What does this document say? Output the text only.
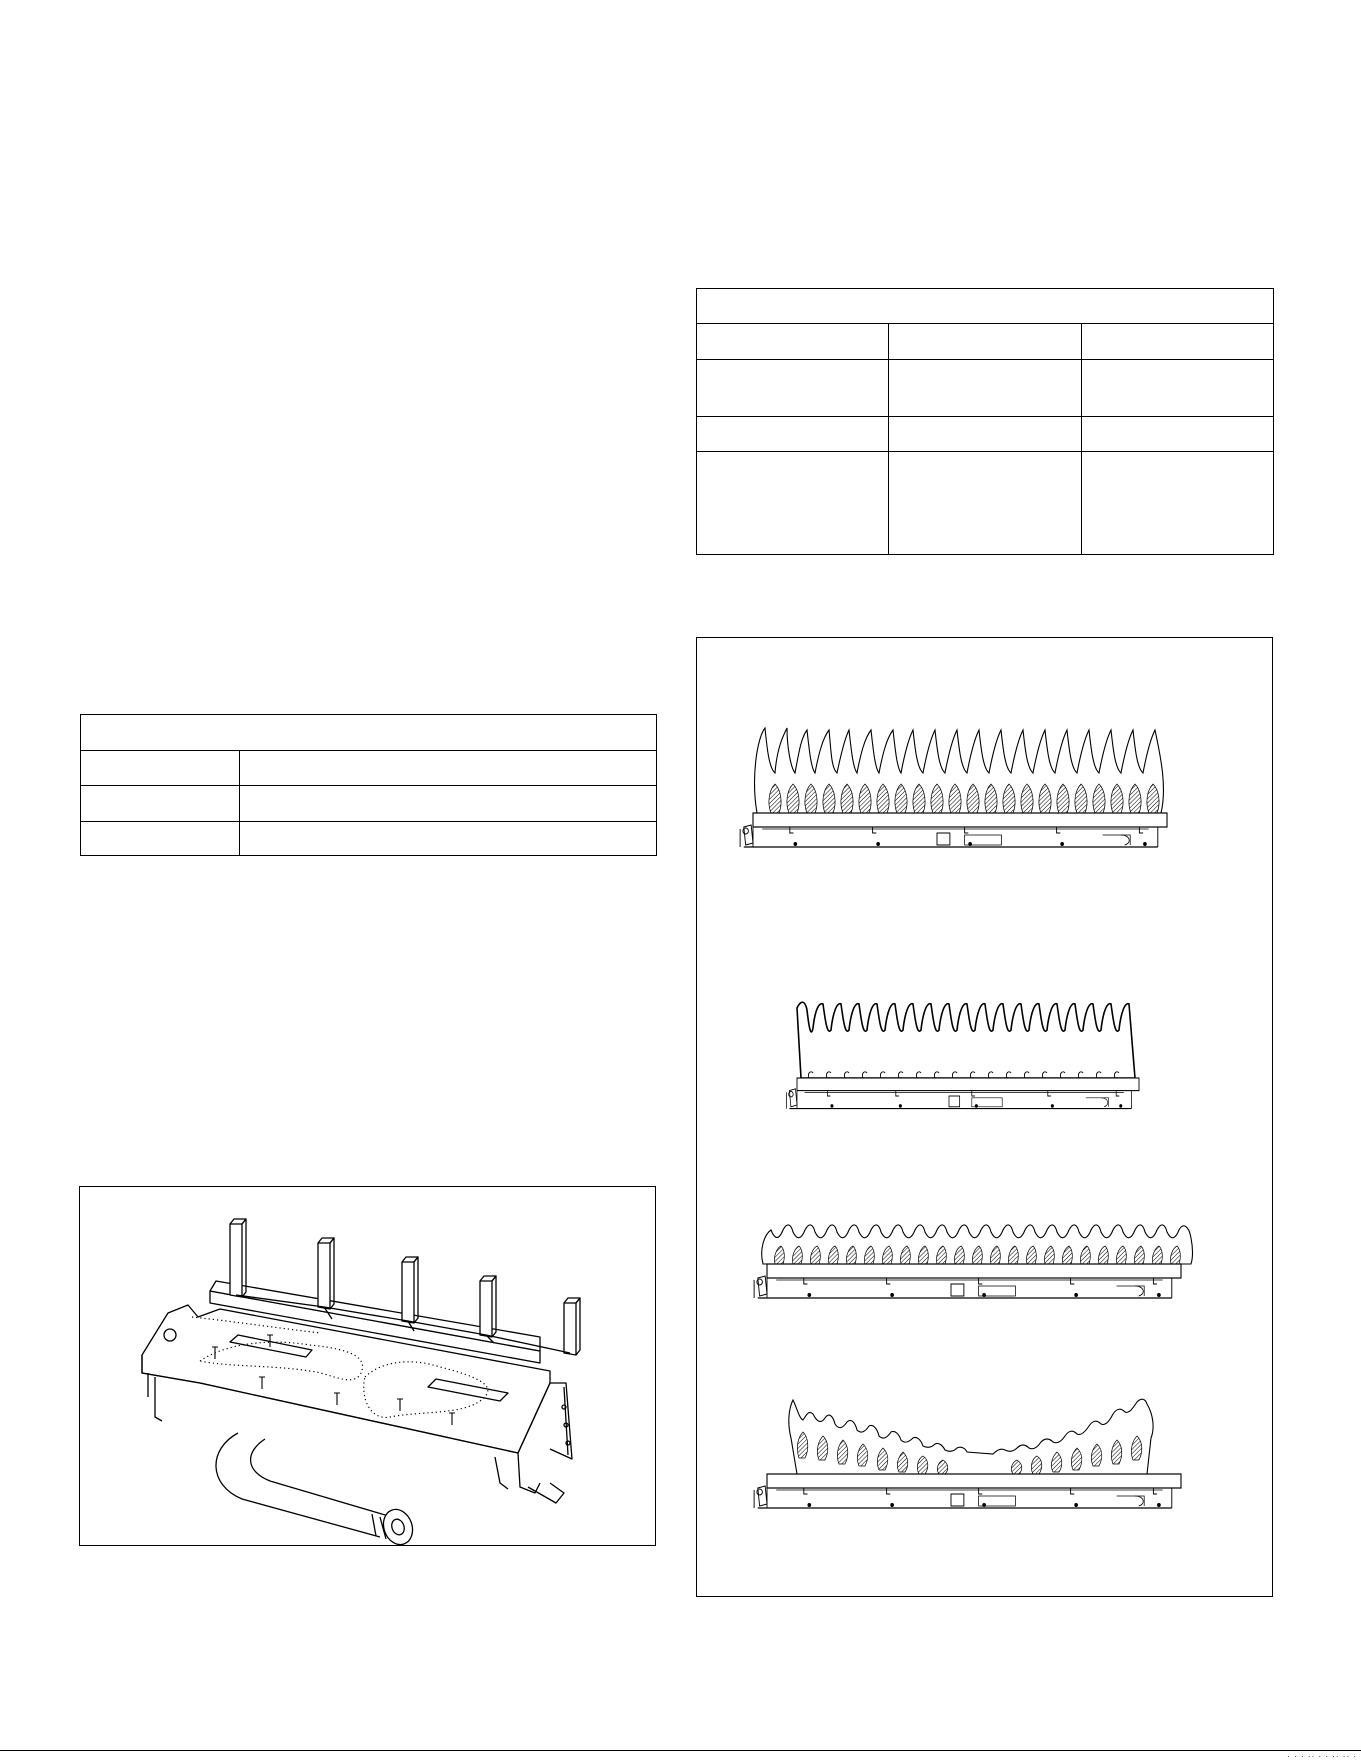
· · · ·· · · ·· ·· ·
